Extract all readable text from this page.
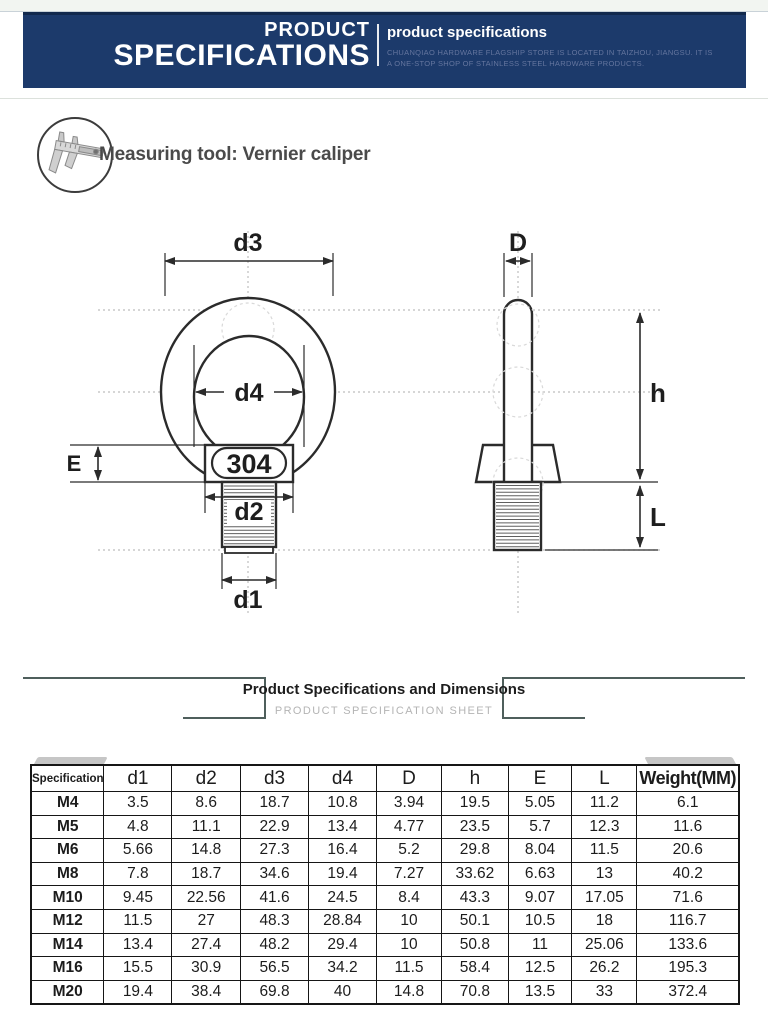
PRODUCT
SPECIFICATIONS
product specifications
CHUANQIAO HARDWARE FLAGSHIP STORE IS LOCATED IN TAIZHOU, JIANGSU. IT IS
A ONE-STOP SHOP OF STAINLESS STEEL HARDWARE PRODUCTS.
Measuring tool: Vernier caliper
d3
d4
304
E
d2
d1
D
h
L
Product Specifications and Dimensions
PRODUCT SPECIFICATION SHEET
Specification	d1	d2	d3	d4	D	h	E	L	Weight(MM)
M4	3.5	8.6	18.7	10.8	3.94	19.5	5.05	11.2	6.1
M5	4.8	11.1	22.9	13.4	4.77	23.5	5.7	12.3	11.6
M6	5.66	14.8	27.3	16.4	5.2	29.8	8.04	11.5	20.6
M8	7.8	18.7	34.6	19.4	7.27	33.62	6.63	13	40.2
M10	9.45	22.56	41.6	24.5	8.4	43.3	9.07	17.05	71.6
M12	11.5	27	48.3	28.84	10	50.1	10.5	18	116.7
M14	13.4	27.4	48.2	29.4	10	50.8	11	25.06	133.6
M16	15.5	30.9	56.5	34.2	11.5	58.4	12.5	26.2	195.3
M20	19.4	38.4	69.8	40	14.8	70.8	13.5	33	372.4
